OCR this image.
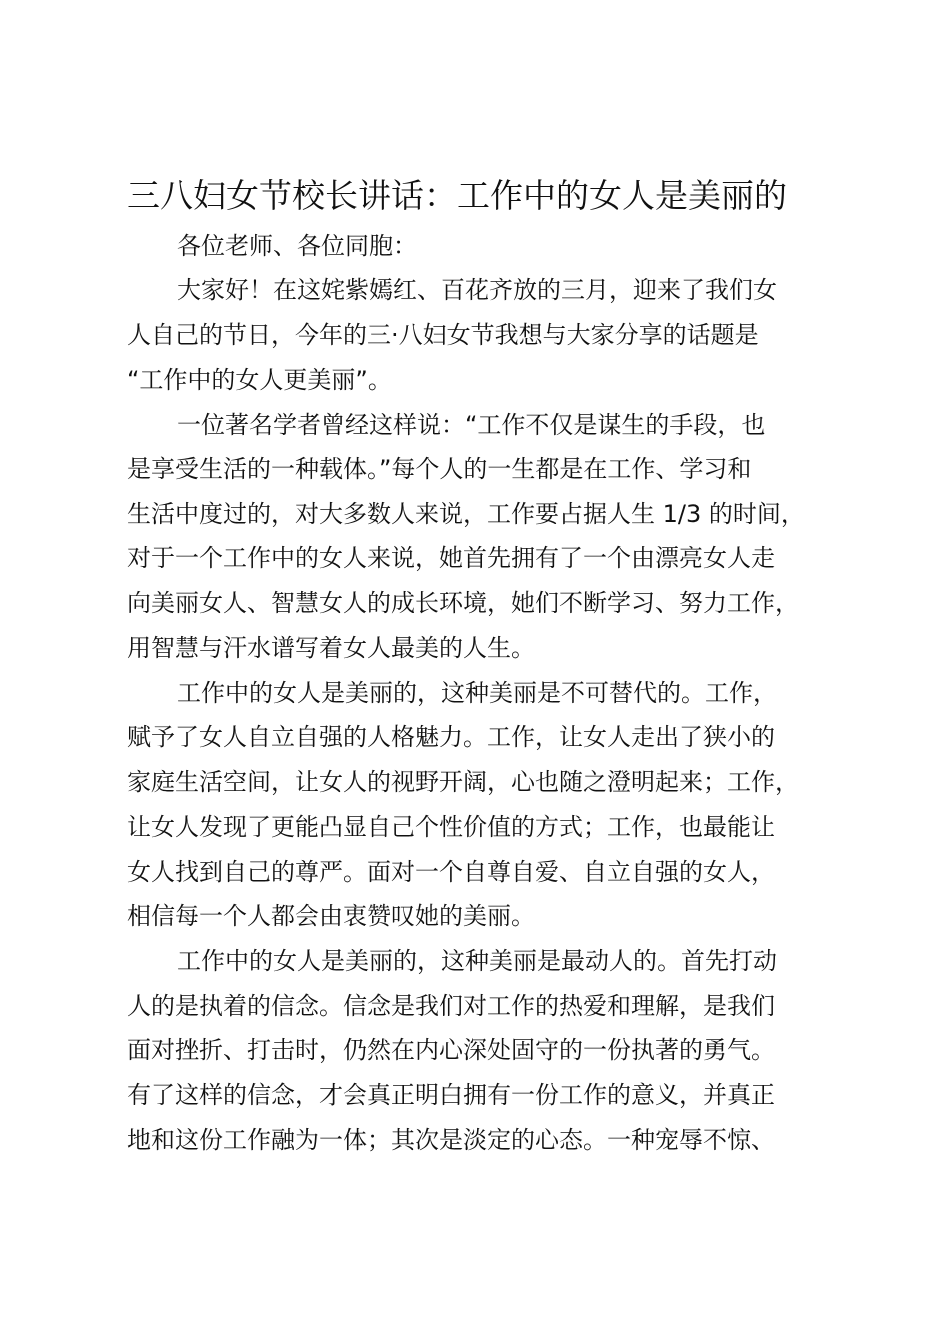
三八妇女节校长讲话：工作中的女人是美丽的

各位老师、各位同胞：

大家好！在这姹紫嫣红、百花齐放的三月，迎来了我们女

人自己的节日，今年的三·八妇女节我想与大家分享的话题是

“工作中的女人更美丽”。

一位著名学者曾经这样说：“工作不仅是谋生的手段，也

是享受生活的一种载体。”每个人的一生都是在工作、学习和

生活中度过的，对大多数人来说，工作要占据人生 1/3 的时间，

对于一个工作中的女人来说，她首先拥有了一个由漂亮女人走

向美丽女人、智慧女人的成长环境，她们不断学习、努力工作，

用智慧与汗水谱写着女人最美的人生。

工作中的女人是美丽的，这种美丽是不可替代的。工作，

赋予了女人自立自强的人格魅力。工作，让女人走出了狭小的

家庭生活空间，让女人的视野开阔，心也随之澄明起来；工作，

让女人发现了更能凸显自己个性价值的方式；工作，也最能让

女人找到自己的尊严。面对一个自尊自爱、自立自强的女人，

相信每一个人都会由衷赞叹她的美丽。

工作中的女人是美丽的，这种美丽是最动人的。首先打动

人的是执着的信念。信念是我们对工作的热爱和理解，是我们

面对挫折、打击时，仍然在内心深处固守的一份执著的勇气。

有了这样的信念，才会真正明白拥有一份工作的意义，并真正

地和这份工作融为一体；其次是淡定的心态。一种宠辱不惊、
